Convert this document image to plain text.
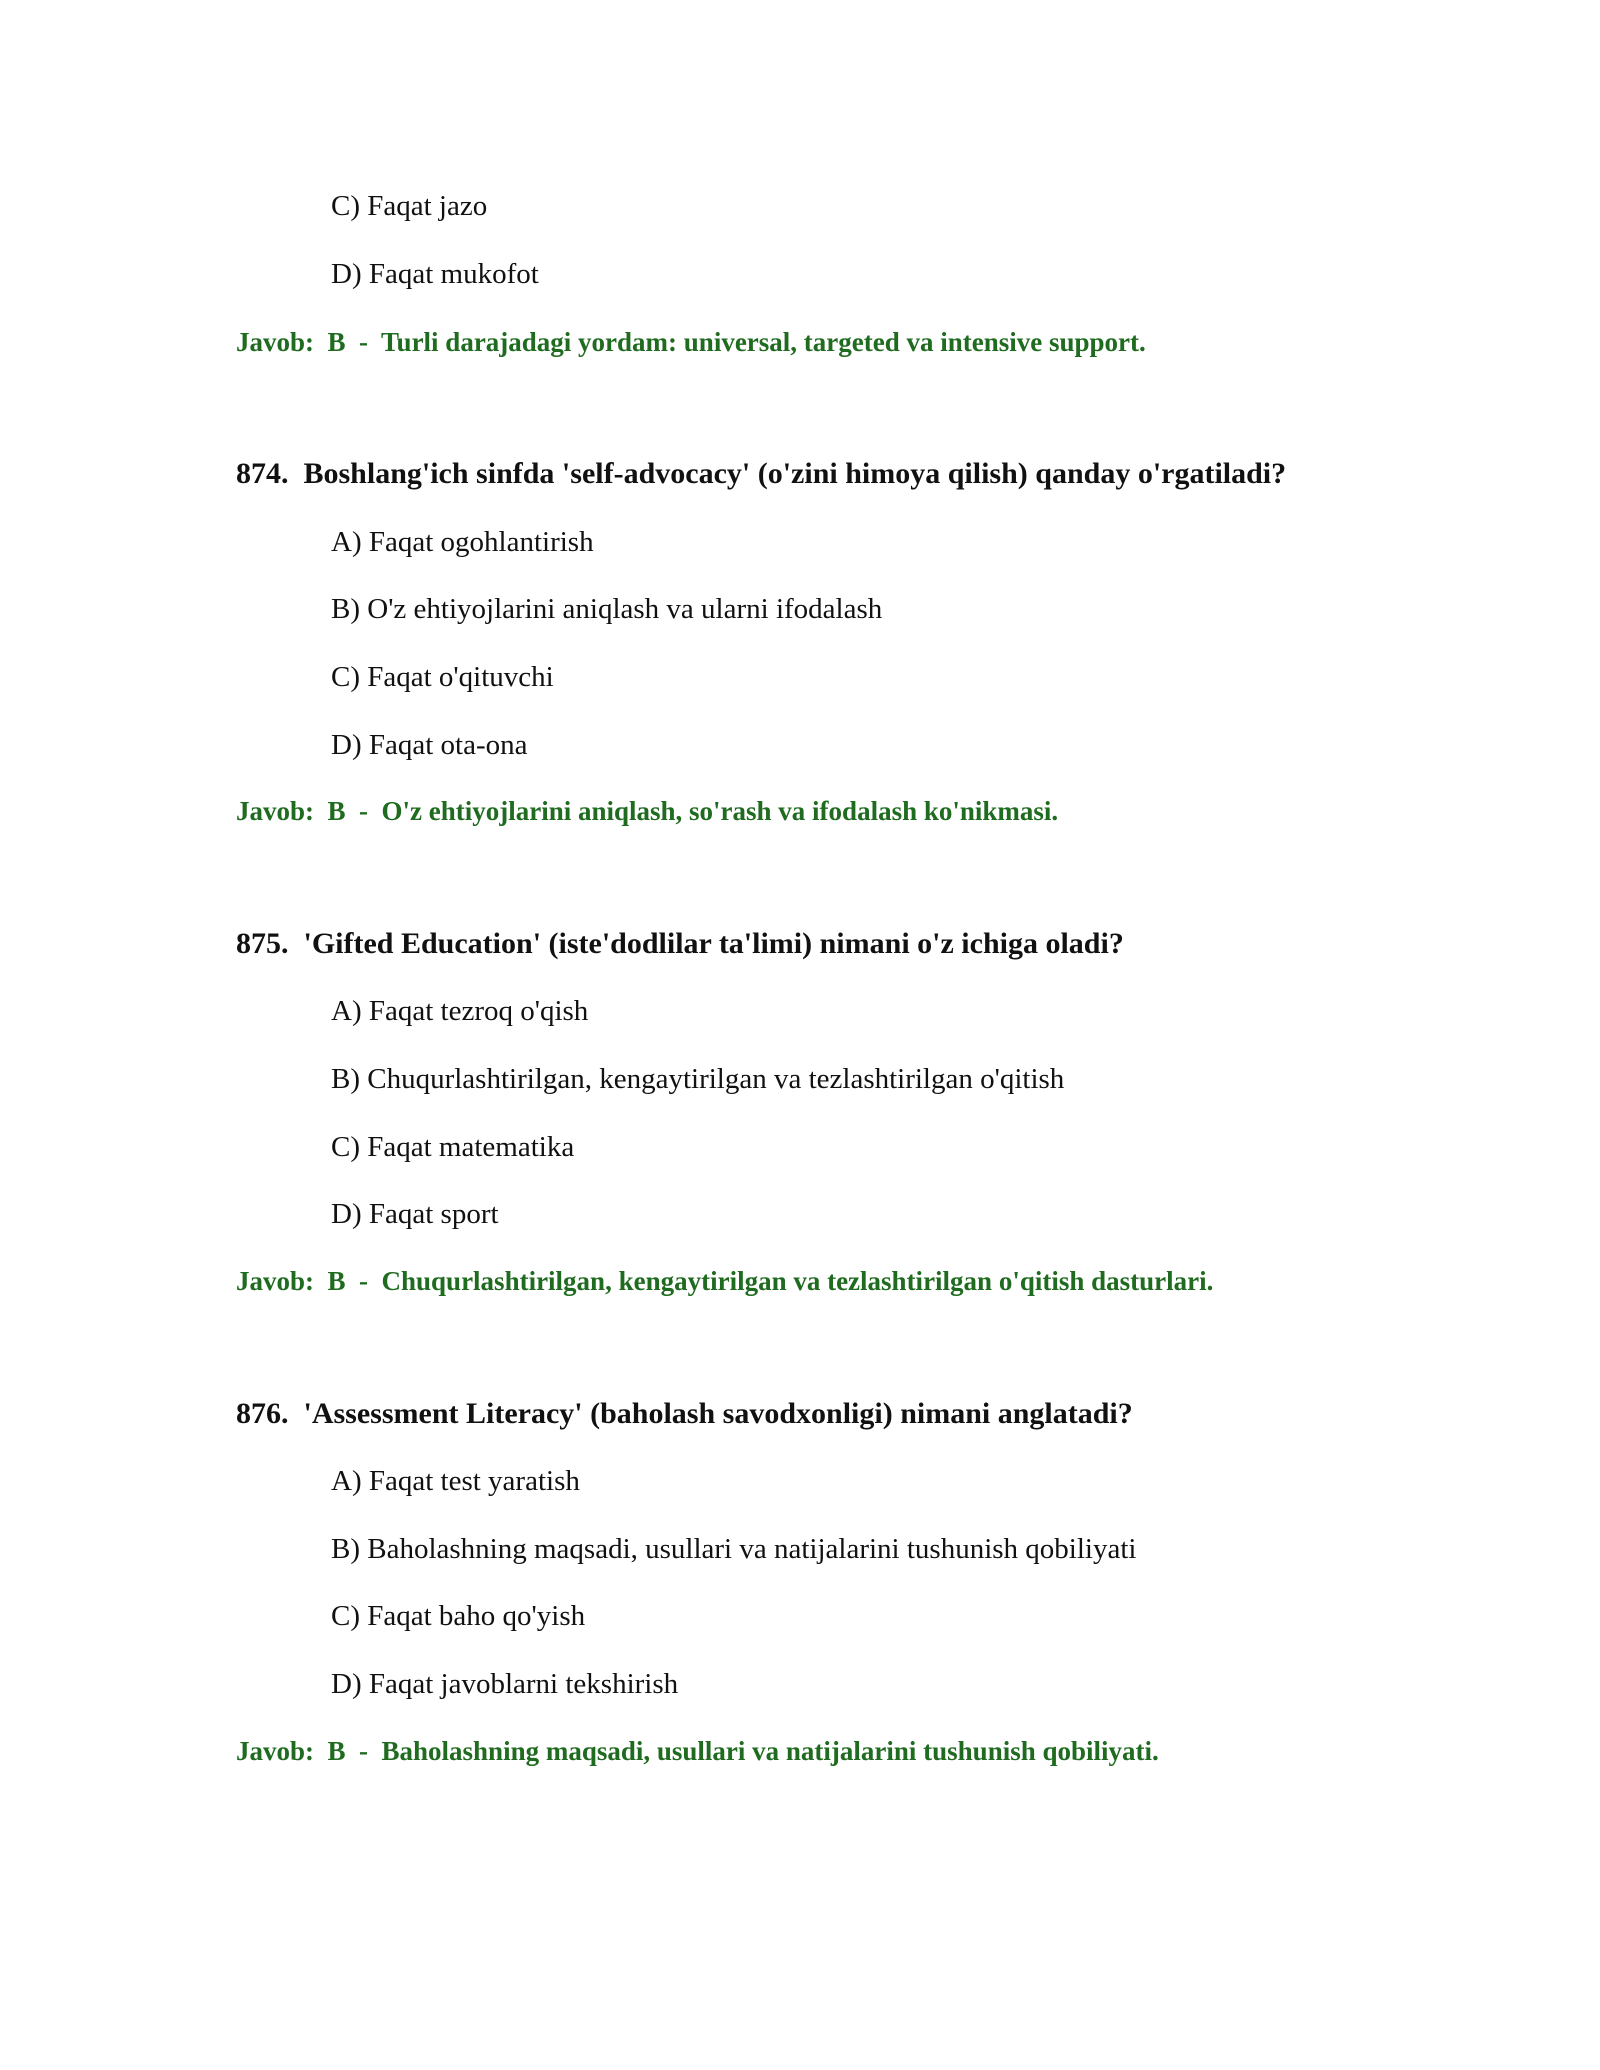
C) Faqat jazo
D) Faqat mukofot
Javob:  B  -  Turli darajadagi yordam: universal, targeted va intensive support.
874. Boshlang'ich sinfda 'self-advocacy' (o'zini himoya qilish) qanday o'rgatiladi?
A) Faqat ogohlantirish
B) O'z ehtiyojlarini aniqlash va ularni ifodalash
C) Faqat o'qituvchi
D) Faqat ota-ona
Javob:  B  -  O'z ehtiyojlarini aniqlash, so'rash va ifodalash ko'nikmasi.
875. 'Gifted Education' (iste'dodlilar ta'limi) nimani o'z ichiga oladi?
A) Faqat tezroq o'qish
B) Chuqurlashtirilgan, kengaytirilgan va tezlashtirilgan o'qitish
C) Faqat matematika
D) Faqat sport
Javob:  B  -  Chuqurlashtirilgan, kengaytirilgan va tezlashtirilgan o'qitish dasturlari.
876. 'Assessment Literacy' (baholash savodxonligi) nimani anglatadi?
A) Faqat test yaratish
B) Baholashning maqsadi, usullari va natijalarini tushunish qobiliyati
C) Faqat baho qo'yish
D) Faqat javoblarni tekshirish
Javob:  B  -  Baholashning maqsadi, usullari va natijalarini tushunish qobiliyati.
